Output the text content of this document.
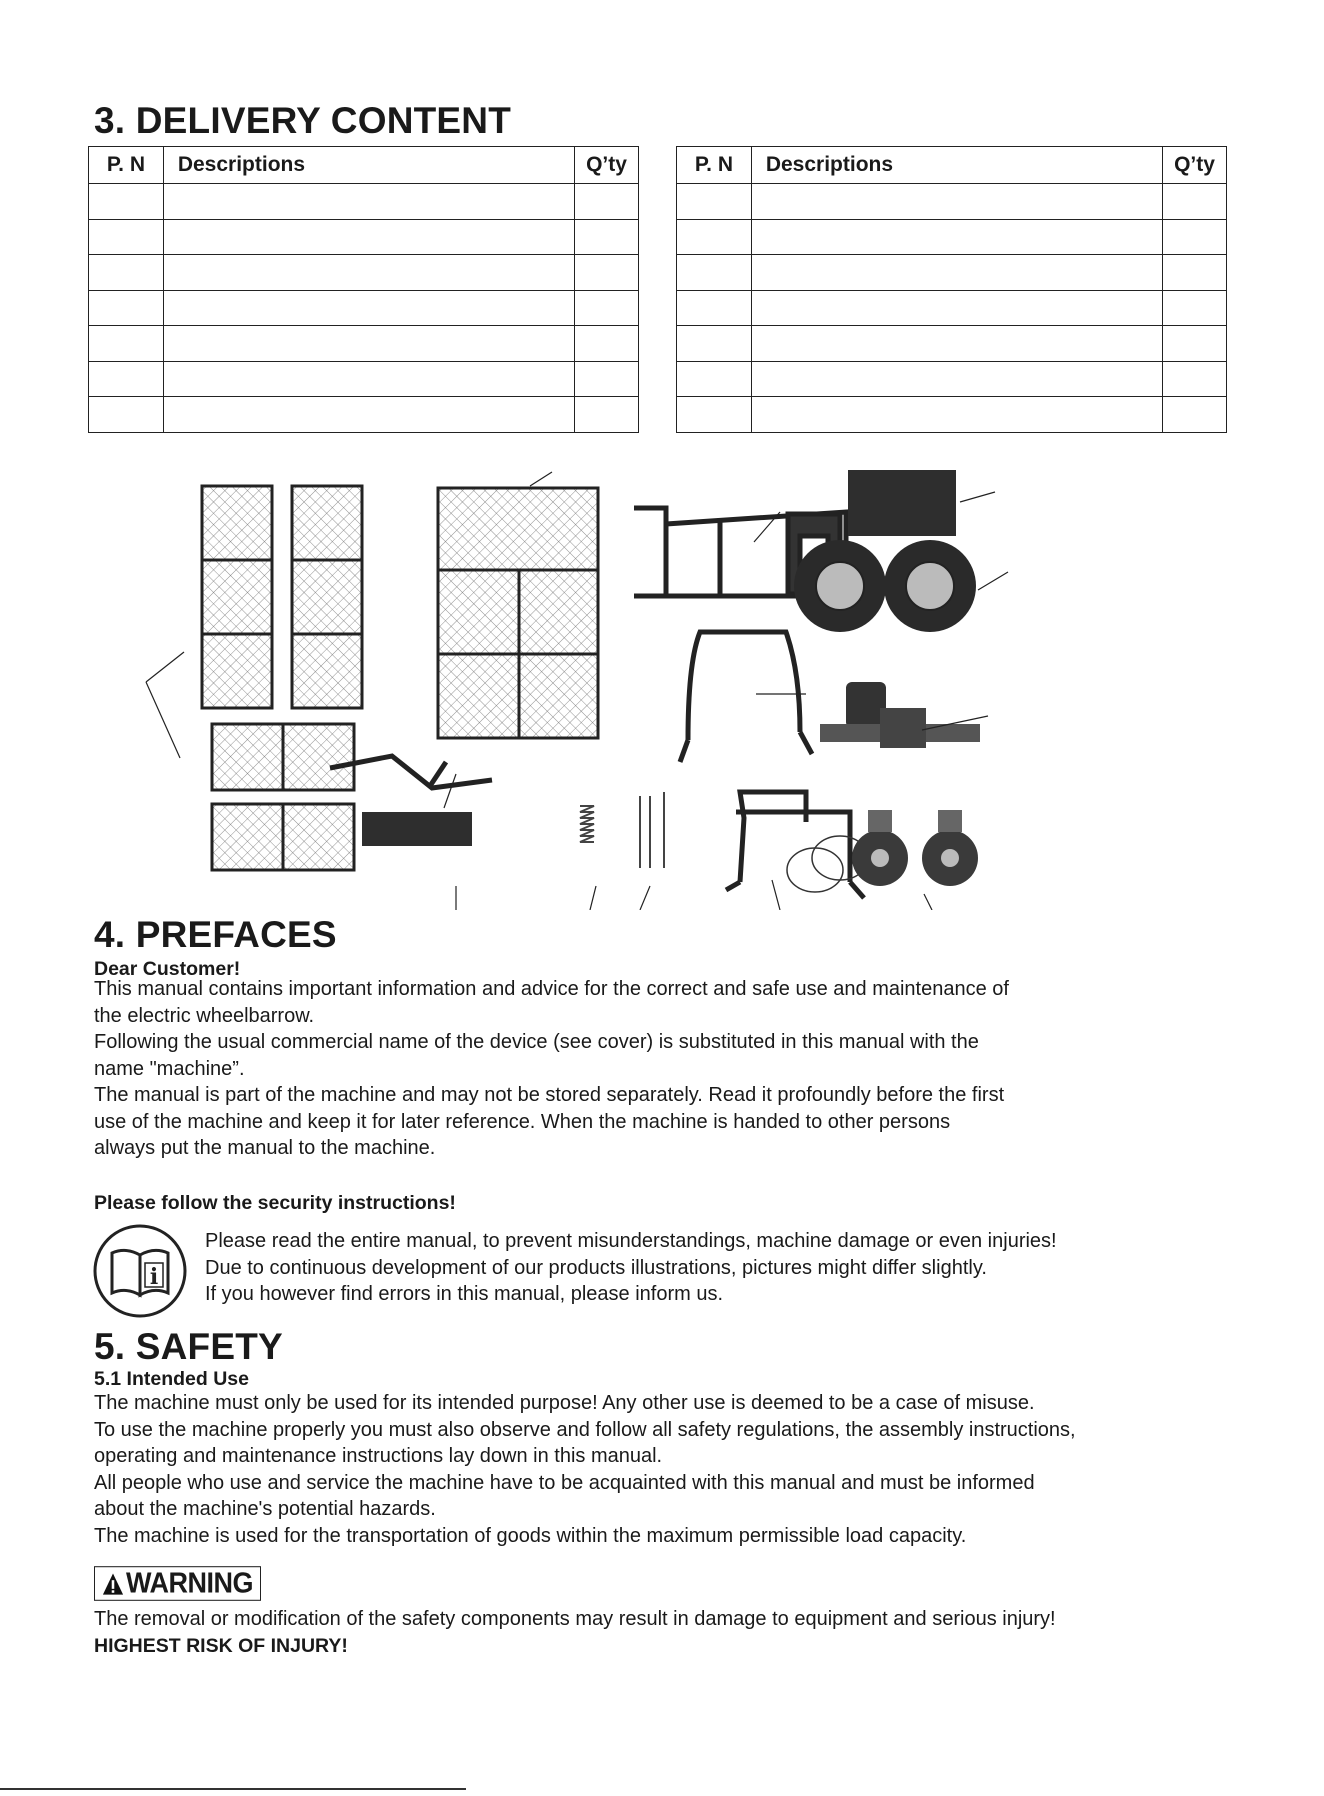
3. DELIVERY CONTENT
P. N	Descriptions	Q’ty

			P. N	Descriptions	Q’ty

4. PREFACES
Dear Customer!
This manual contains important information and advice for the correct and safe use and maintenance of
the electric wheelbarrow.
Following the usual commercial name of the device (see cover) is substituted in this manual with the
name "machine”.
The manual is part of the machine and may not be stored separately. Read it profoundly before the first
use of the machine and keep it for later reference. When the machine is handed to other persons
always put the manual to the machine.
Please follow the security instructions!
i
Please read the entire manual, to prevent misunderstandings, machine damage or even injuries!
Due to continuous development of our products illustrations, pictures might differ slightly.
If you however find errors in this manual, please inform us.
5. SAFETY
5.1 Intended Use
The machine must only be used for its intended purpose! Any other use is deemed to be a case of misuse.
To use the machine properly you must also observe and follow all safety regulations, the assembly instructions,
operating and maintenance instructions lay down in this manual.
All people who use and service the machine have to be acquainted with this manual and must be informed
about the machine's potential hazards.
The machine is used for the transportation of goods within the maximum permissible load capacity.
WARNING
The removal or modification of the safety components may result in damage to equipment and serious injury!
HIGHEST RISK OF INJURY!
